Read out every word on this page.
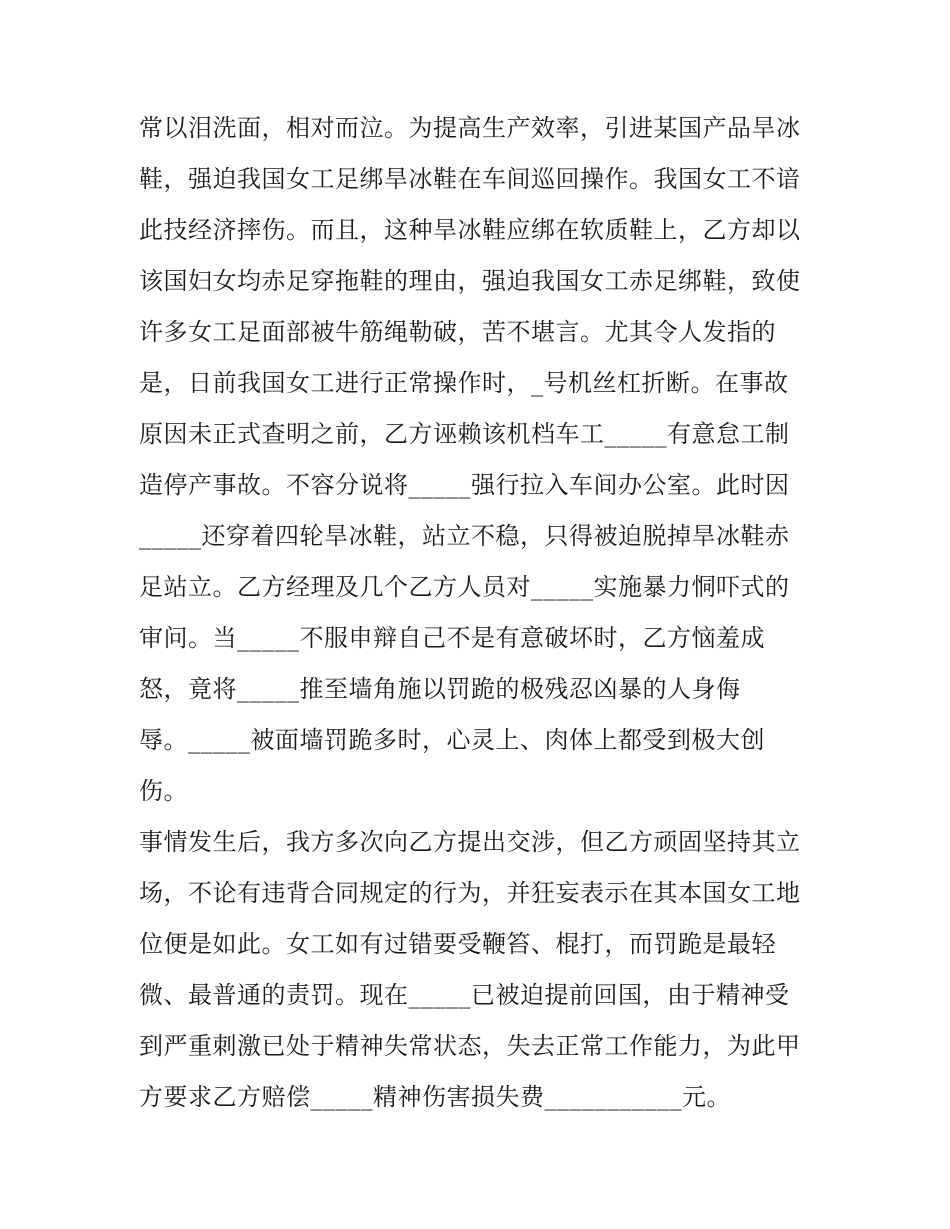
常以泪洗面，相对而泣。为提高生产效率，引进某国产品旱冰
鞋，强迫我国女工足绑旱冰鞋在车间巡回操作。我国女工不谙
此技经济摔伤。而且，这种旱冰鞋应绑在软质鞋上，乙方却以
该国妇女均赤足穿拖鞋的理由，强迫我国女工赤足绑鞋，致使
许多女工足面部被牛筋绳勒破，苦不堪言。尤其令人发指的
是，日前我国女工进行正常操作时，_号机丝杠折断。在事故
原因未正式查明之前，乙方诬赖该机档车工_____有意怠工制
造停产事故。不容分说将_____强行拉入车间办公室。此时因
_____还穿着四轮旱冰鞋，站立不稳，只得被迫脱掉旱冰鞋赤
足站立。乙方经理及几个乙方人员对_____实施暴力恫吓式的
审问。当_____不服申辩自己不是有意破坏时，乙方恼羞成
怒，竟将_____推至墙角施以罚跪的极残忍凶暴的人身侮
辱。_____被面墙罚跪多时，心灵上、肉体上都受到极大创
伤。
事情发生后，我方多次向乙方提出交涉，但乙方顽固坚持其立
场，不论有违背合同规定的行为，并狂妄表示在其本国女工地
位便是如此。女工如有过错要受鞭笞、棍打，而罚跪是最轻
微、最普通的责罚。现在_____已被迫提前回国，由于精神受
到严重刺激已处于精神失常状态，失去正常工作能力，为此甲
方要求乙方赔偿_____精神伤害损失费___________元。
